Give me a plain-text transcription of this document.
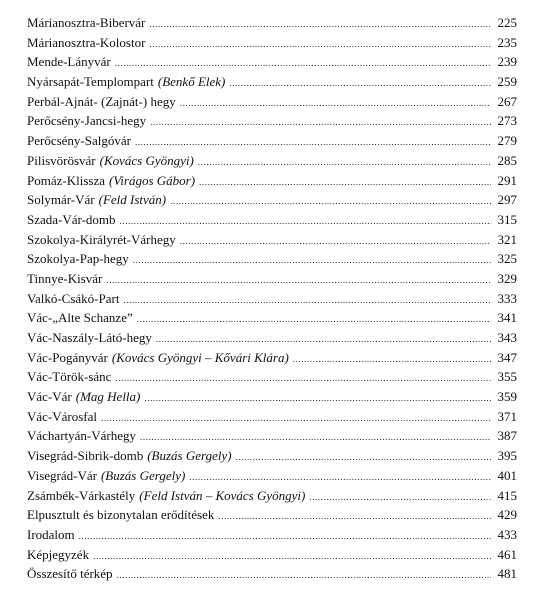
Márianosztra-Bibervár .....	225
Márianosztra-Kolostor .....	235
Mende-Lányvár .....	239
Nyársapát-Templompart (Benkő Elek) .....	259
Perbál-Ajnát- (Zajnát-) hegy .....	267
Perőcsény-Jancsi-hegy .....	273
Perőcsény-Salgóvár .....	279
Pilisvörösvár (Kovács Gyöngyi) .....	285
Pomáz-Klissza (Virágos Gábor) .....	291
Solymár-Vár (Feld István) .....	297
Szada-Vár-domb .....	315
Szokolya-Királyrét-Várhegy .....	321
Szokolya-Pap-hegy .....	325
Tinnye-Kisvár .....	329
Valkó-Csákó-Part .....	333
Vác-„Alte Schanze” .....	341
Vác-Naszály-Látó-hegy .....	343
Vác-Pogányvár (Kovács Gyöngyi – Kővári Klára) .....	347
Vác-Török-sánc .....	355
Vác-Vár (Mag Hella) .....	359
Vác-Városfal .....	371
Váchartyán-Várhegy .....	387
Visegrád-Sibrik-domb (Buzás Gergely) .....	395
Visegrád-Vár (Buzás Gergely) .....	401
Zsámbék-Várkastély (Feld István – Kovács Gyöngyi) .....	415
Elpusztult és bizonytalan erődítések .....	429
Irodalom .....	433
Képjegyzék .....	461
Összesítő térkép .....	481
